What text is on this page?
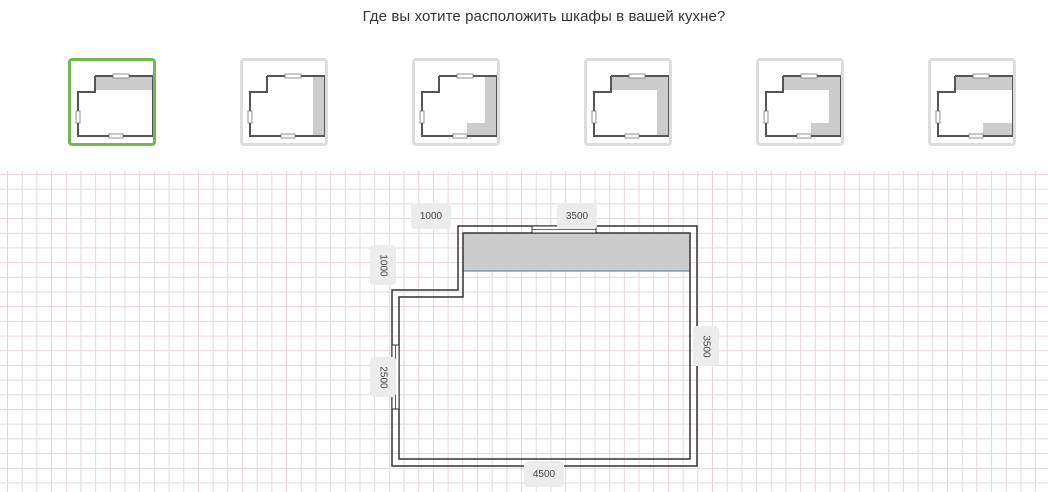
Где вы хотите расположить шкафы в вашей кухне?
1000	3500
1000
3500
2500
4500
